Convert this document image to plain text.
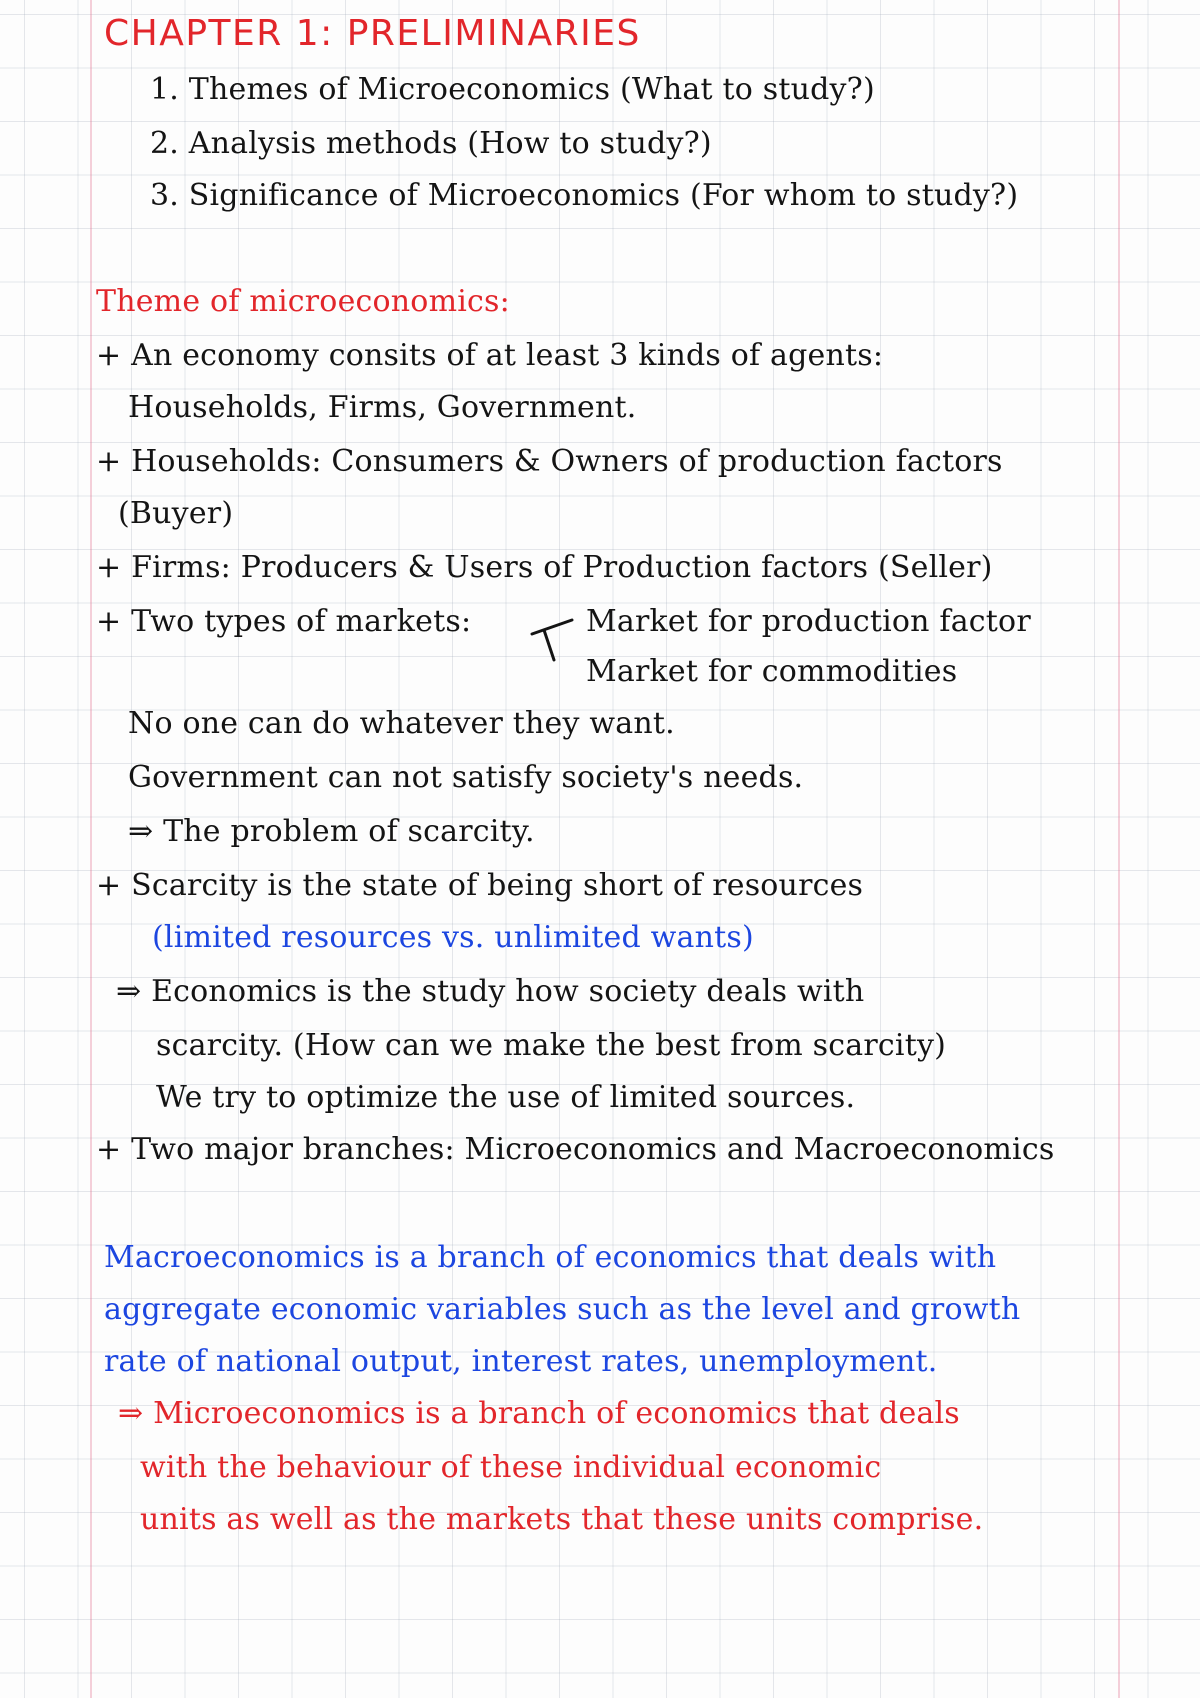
CHAPTER 1: PRELIMINARIES
1. Themes of Microeconomics (What to study?)
2. Analysis methods (How to study?)
3. Significance of Microeconomics (For whom to study?)
Theme of microeconomics:
+ An economy consits of at least 3 kinds of agents:
Households, Firms, Government.
+ Households: Consumers & Owners of production factors
(Buyer)
+ Firms: Producers & Users of Production factors (Seller)
+ Two types of markets:	Market for production factor
Market for commodities
No one can do whatever they want.
Government can not satisfy society's needs.
⇒ The problem of scarcity.
+ Scarcity is the state of being short of resources
(limited resources vs. unlimited wants)
⇒ Economics is the study how society deals with
scarcity. (How can we make the best from scarcity)
We try to optimize the use of limited sources.
+ Two major branches: Microeconomics and Macroeconomics
Macroeconomics is a branch of economics that deals with
aggregate economic variables such as the level and growth
rate of national output, interest rates, unemployment.
⇒ Microeconomics is a branch of economics that deals
with the behaviour of these individual economic
units as well as the markets that these units comprise.
